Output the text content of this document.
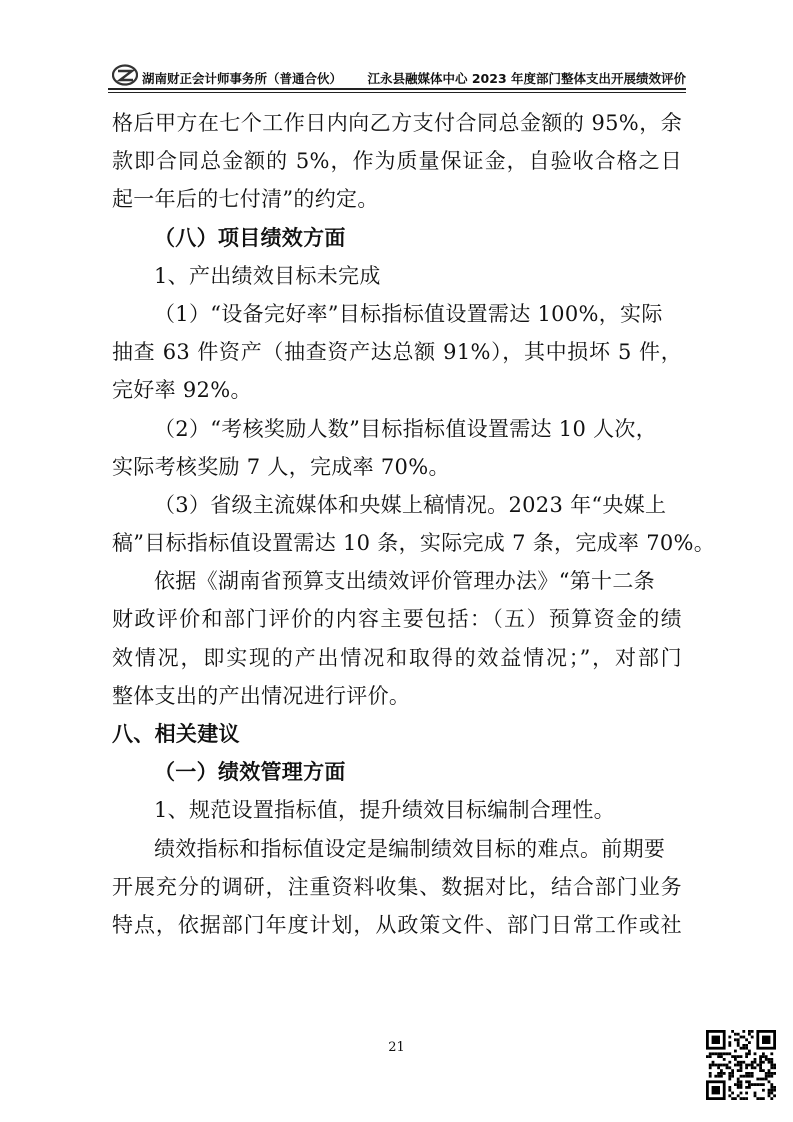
湖南财正会计师事务所（普通合伙） 江永县融媒体中心 2023 年度部门整体支出开展绩效评价
格后甲方在七个工作日内向乙方支付合同总金额的 95%，余
款即合同总金额的 5%，作为质量保证金，自验收合格之日
起一年后的七付清”的约定。
（八）项目绩效方面
1、产出绩效目标未完成
（1）“设备完好率”目标指标值设置需达 100%，实际
抽查 63 件资产（抽查资产达总额 91%），其中损坏 5 件，
完好率 92%。
（2）“考核奖励人数”目标指标值设置需达 10 人次，
实际考核奖励 7 人，完成率 70%。
（3）省级主流媒体和央媒上稿情况。2023 年“央媒上
稿”目标指标值设置需达 10 条，实际完成 7 条，完成率 70%。
依据《湖南省预算支出绩效评价管理办法》“第十二条
财政评价和部门评价的内容主要包括：（五）预算资金的绩
效情况，即实现的产出情况和取得的效益情况；”，对部门
整体支出的产出情况进行评价。
八、相关建议
（一）绩效管理方面
1、规范设置指标值，提升绩效目标编制合理性。
绩效指标和指标值设定是编制绩效目标的难点。前期要
开展充分的调研，注重资料收集、数据对比，结合部门业务
特点，依据部门年度计划，从政策文件、部门日常工作或社
21
